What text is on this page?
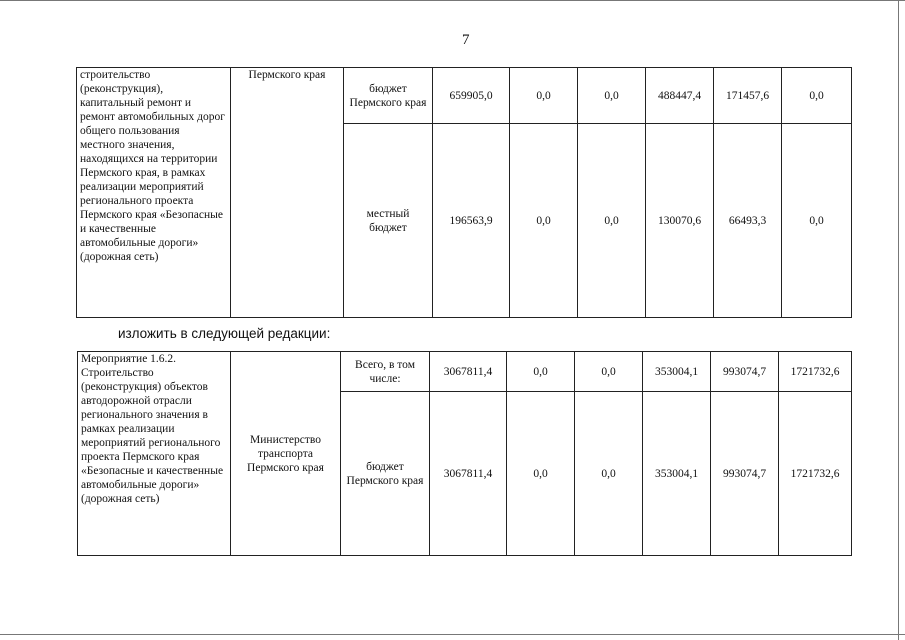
7
строительство (реконструкция), капитальный ремонт и ремонт автомобильных дорог общего пользования местного значения, находящихся на территории Пермского края, в рамках реализации мероприятий регионального проекта Пермского края «Безопасные и качественные автомобильные дороги» (дорожная сеть)	Пермского края	бюджет Пермского края	659905,0	0,0	0,0	488447,4	171457,6	0,0
		местный бюджет	196563,9	0,0	0,0	130070,6	66493,3	0,0
изложить в следующей редакции:
Мероприятие 1.6.2. Строительство (реконструкция) объектов автодорожной отрасли регионального значения в рамках реализации мероприятий регионального проекта Пермского края «Безопасные и качественные автомобильные дороги» (дорожная сеть)	Министерство транспорта Пермского края	Всего, в том числе:	3067811,4	0,0	0,0	353004,1	993074,7	1721732,6
		бюджет Пермского края	3067811,4	0,0	0,0	353004,1	993074,7	1721732,6
